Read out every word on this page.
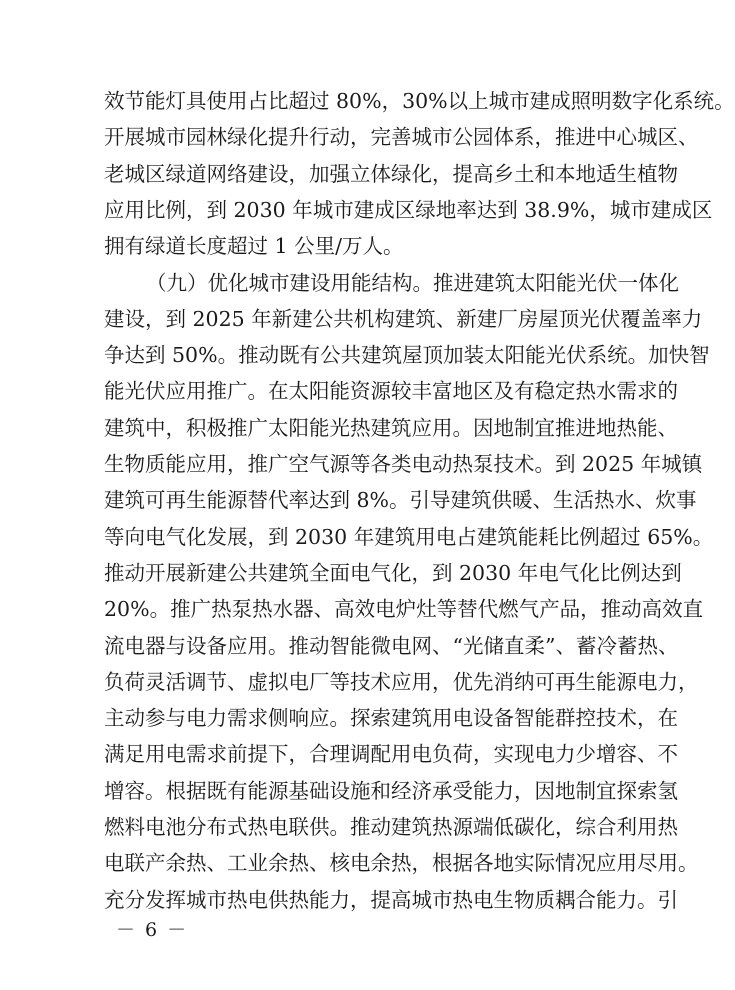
效节能灯具使用占比超过 80%，30%以上城市建成照明数字化系统。
开展城市园林绿化提升行动，完善城市公园体系，推进中心城区、
老城区绿道网络建设，加强立体绿化，提高乡土和本地适生植物
应用比例，到 2030 年城市建成区绿地率达到 38.9%，城市建成区
拥有绿道长度超过 1 公里/万人。
（九）优化城市建设用能结构。推进建筑太阳能光伏一体化
建设，到 2025 年新建公共机构建筑、新建厂房屋顶光伏覆盖率力
争达到 50%。推动既有公共建筑屋顶加装太阳能光伏系统。加快智
能光伏应用推广。在太阳能资源较丰富地区及有稳定热水需求的
建筑中，积极推广太阳能光热建筑应用。因地制宜推进地热能、
生物质能应用，推广空气源等各类电动热泵技术。到 2025 年城镇
建筑可再生能源替代率达到 8%。引导建筑供暖、生活热水、炊事
等向电气化发展，到 2030 年建筑用电占建筑能耗比例超过 65%。
推动开展新建公共建筑全面电气化，到 2030 年电气化比例达到
20%。推广热泵热水器、高效电炉灶等替代燃气产品，推动高效直
流电器与设备应用。推动智能微电网、“光储直柔”、蓄冷蓄热、
负荷灵活调节、虚拟电厂等技术应用，优先消纳可再生能源电力，
主动参与电力需求侧响应。探索建筑用电设备智能群控技术，在
满足用电需求前提下，合理调配用电负荷，实现电力少增容、不
增容。根据既有能源基础设施和经济承受能力，因地制宜探索氢
燃料电池分布式热电联供。推动建筑热源端低碳化，综合利用热
电联产余热、工业余热、核电余热，根据各地实际情况应用尽用。
充分发挥城市热电供热能力，提高城市热电生物质耦合能力。引
－ 6 －
